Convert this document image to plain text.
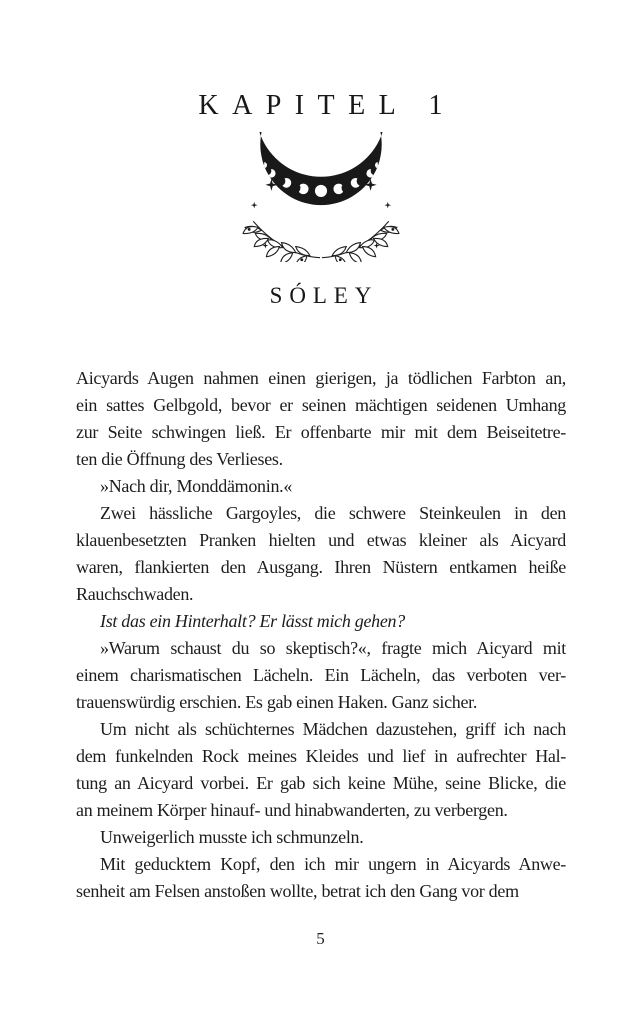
KAPITEL 1
SÓLEY
Aicyards Augen nahmen einen gierigen, ja tödlichen Farbton an,
ein sattes Gelbgold, bevor er seinen mächtigen seidenen Umhang
zur Seite schwingen ließ. Er offenbarte mir mit dem Beiseitetre-
ten die Öffnung des Verlieses.
»Nach dir, Monddämonin.«
Zwei hässliche Gargoyles, die schwere Steinkeulen in den
klauenbesetzten Pranken hielten und etwas kleiner als Aicyard
waren, flankierten den Ausgang. Ihren Nüstern entkamen heiße
Rauchschwaden.
Ist das ein Hinterhalt? Er lässt mich gehen?
»Warum schaust du so skeptisch?«, fragte mich Aicyard mit
einem charismatischen Lächeln. Ein Lächeln, das verboten ver-
trauenswürdig erschien. Es gab einen Haken. Ganz sicher.
Um nicht als schüchternes Mädchen dazustehen, griff ich nach
dem funkelnden Rock meines Kleides und lief in aufrechter Hal-
tung an Aicyard vorbei. Er gab sich keine Mühe, seine Blicke, die
an meinem Körper hinauf- und hinabwanderten, zu verbergen.
Unweigerlich musste ich schmunzeln.
Mit geducktem Kopf, den ich mir ungern in Aicyards Anwe-
senheit am Felsen anstoßen wollte, betrat ich den Gang vor dem
5
